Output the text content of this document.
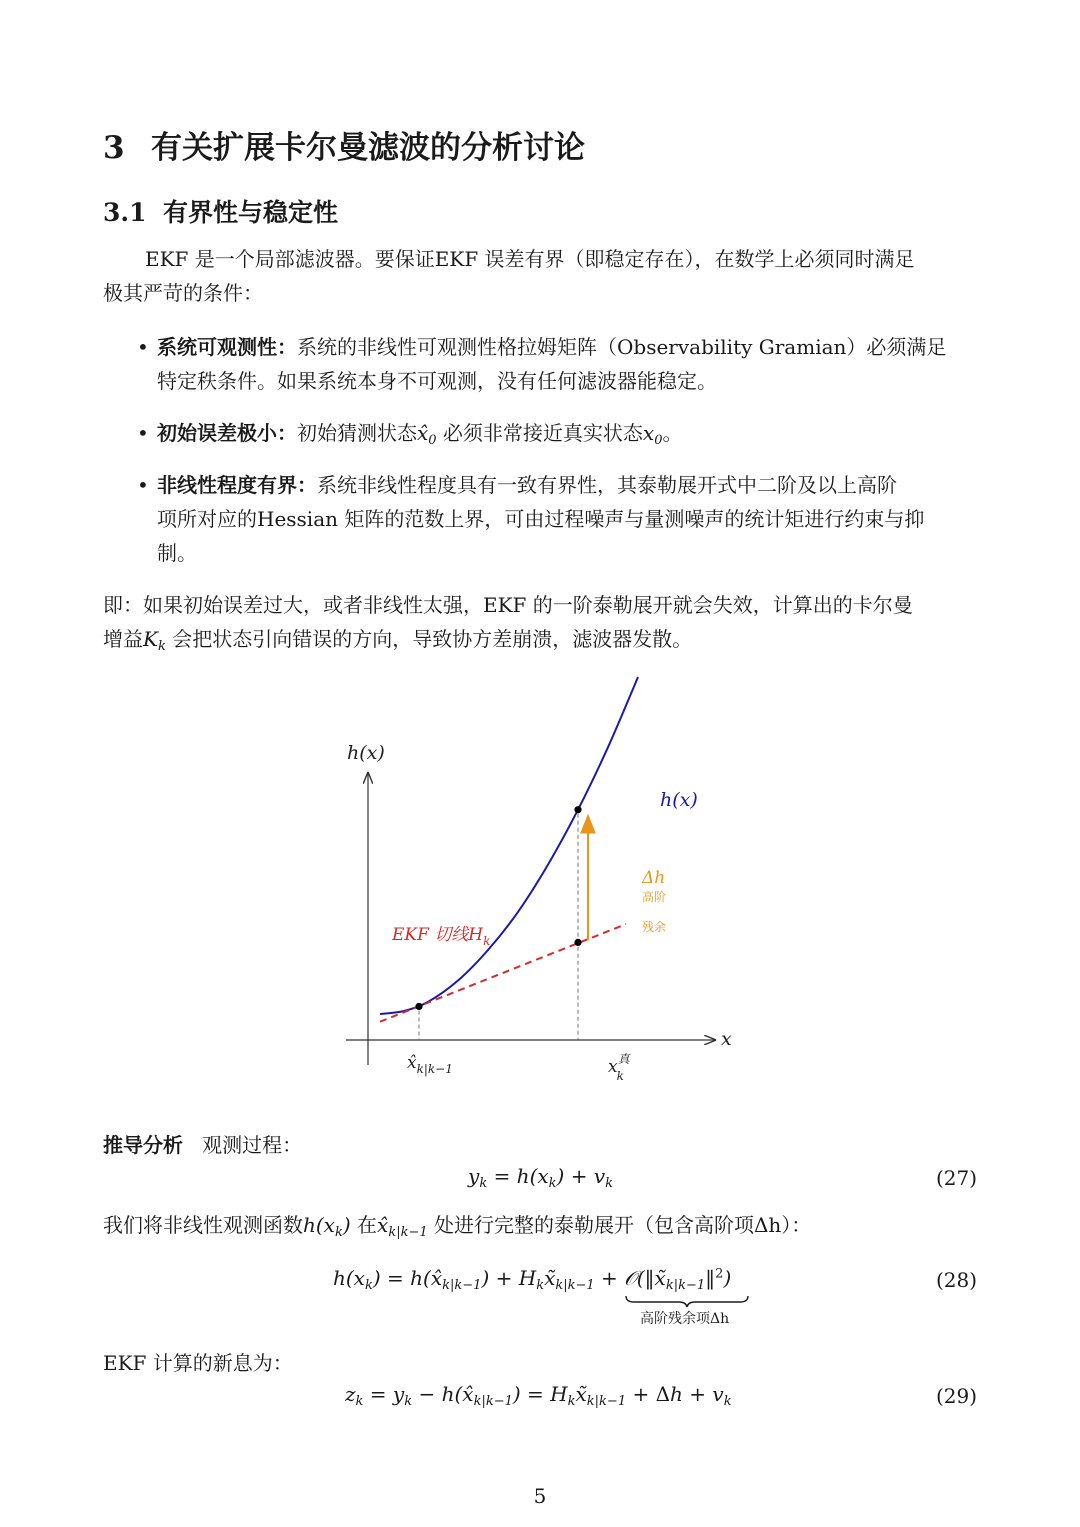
3 有关扩展卡尔曼滤波的分析讨论
3.1 有界性与稳定性
EKF 是一个局部滤波器。要保证EKF 误差有界（即稳定存在），在数学上必须同时满足
极其严苛的条件：
• 系统可观测性：系统的非线性可观测性格拉姆矩阵（Observability Gramian）必须满足
特定秩条件。如果系统本身不可观测，没有任何滤波器能稳定。
• 初始误差极小：初始猜测状态$x̂_0$ 必须非常接近真实状态$x_0$。
• 非线性程度有界：系统非线性程度具有一致有界性，其泰勒展开式中二阶及以上高阶
项所对应的Hessian 矩阵的范数上界，可由过程噪声与量测噪声的统计矩进行约束与抑
制。
即：如果初始误差过大，或者非线性太强，EKF 的一阶泰勒展开就会失效，计算出的卡尔曼
增益$K_k$ 会把状态引向错误的方向，导致协方差崩溃，滤波器发散。
h(x)
x
h(x)
EKF 切线$H_k$
Δh
高阶
残余
$x̂_{k|k-1}$	$x^真$ k
推导分析 观测过程：
$y_k = h(x_k) + v_k$	(27)
我们将非线性观测函数$h(x_k)$ 在$x̂_{k|k-1}$ 处进行完整的泰勒展开（包含高阶项Δh）：
$h(x_k)$ = $h(x̂_{k|k-1})$ + $H_kx̃_{k|k-1}$ + $𝒪(‖x̃_{k|k-1}‖^2)$
高阶残余项Δh
(28)
EKF 计算的新息为：
$z_k = y_k$ − $h(x̂_{k|k-1})$ = $H_kx̃_{k|k-1} + \Delta h + v_k$	(29)
5
